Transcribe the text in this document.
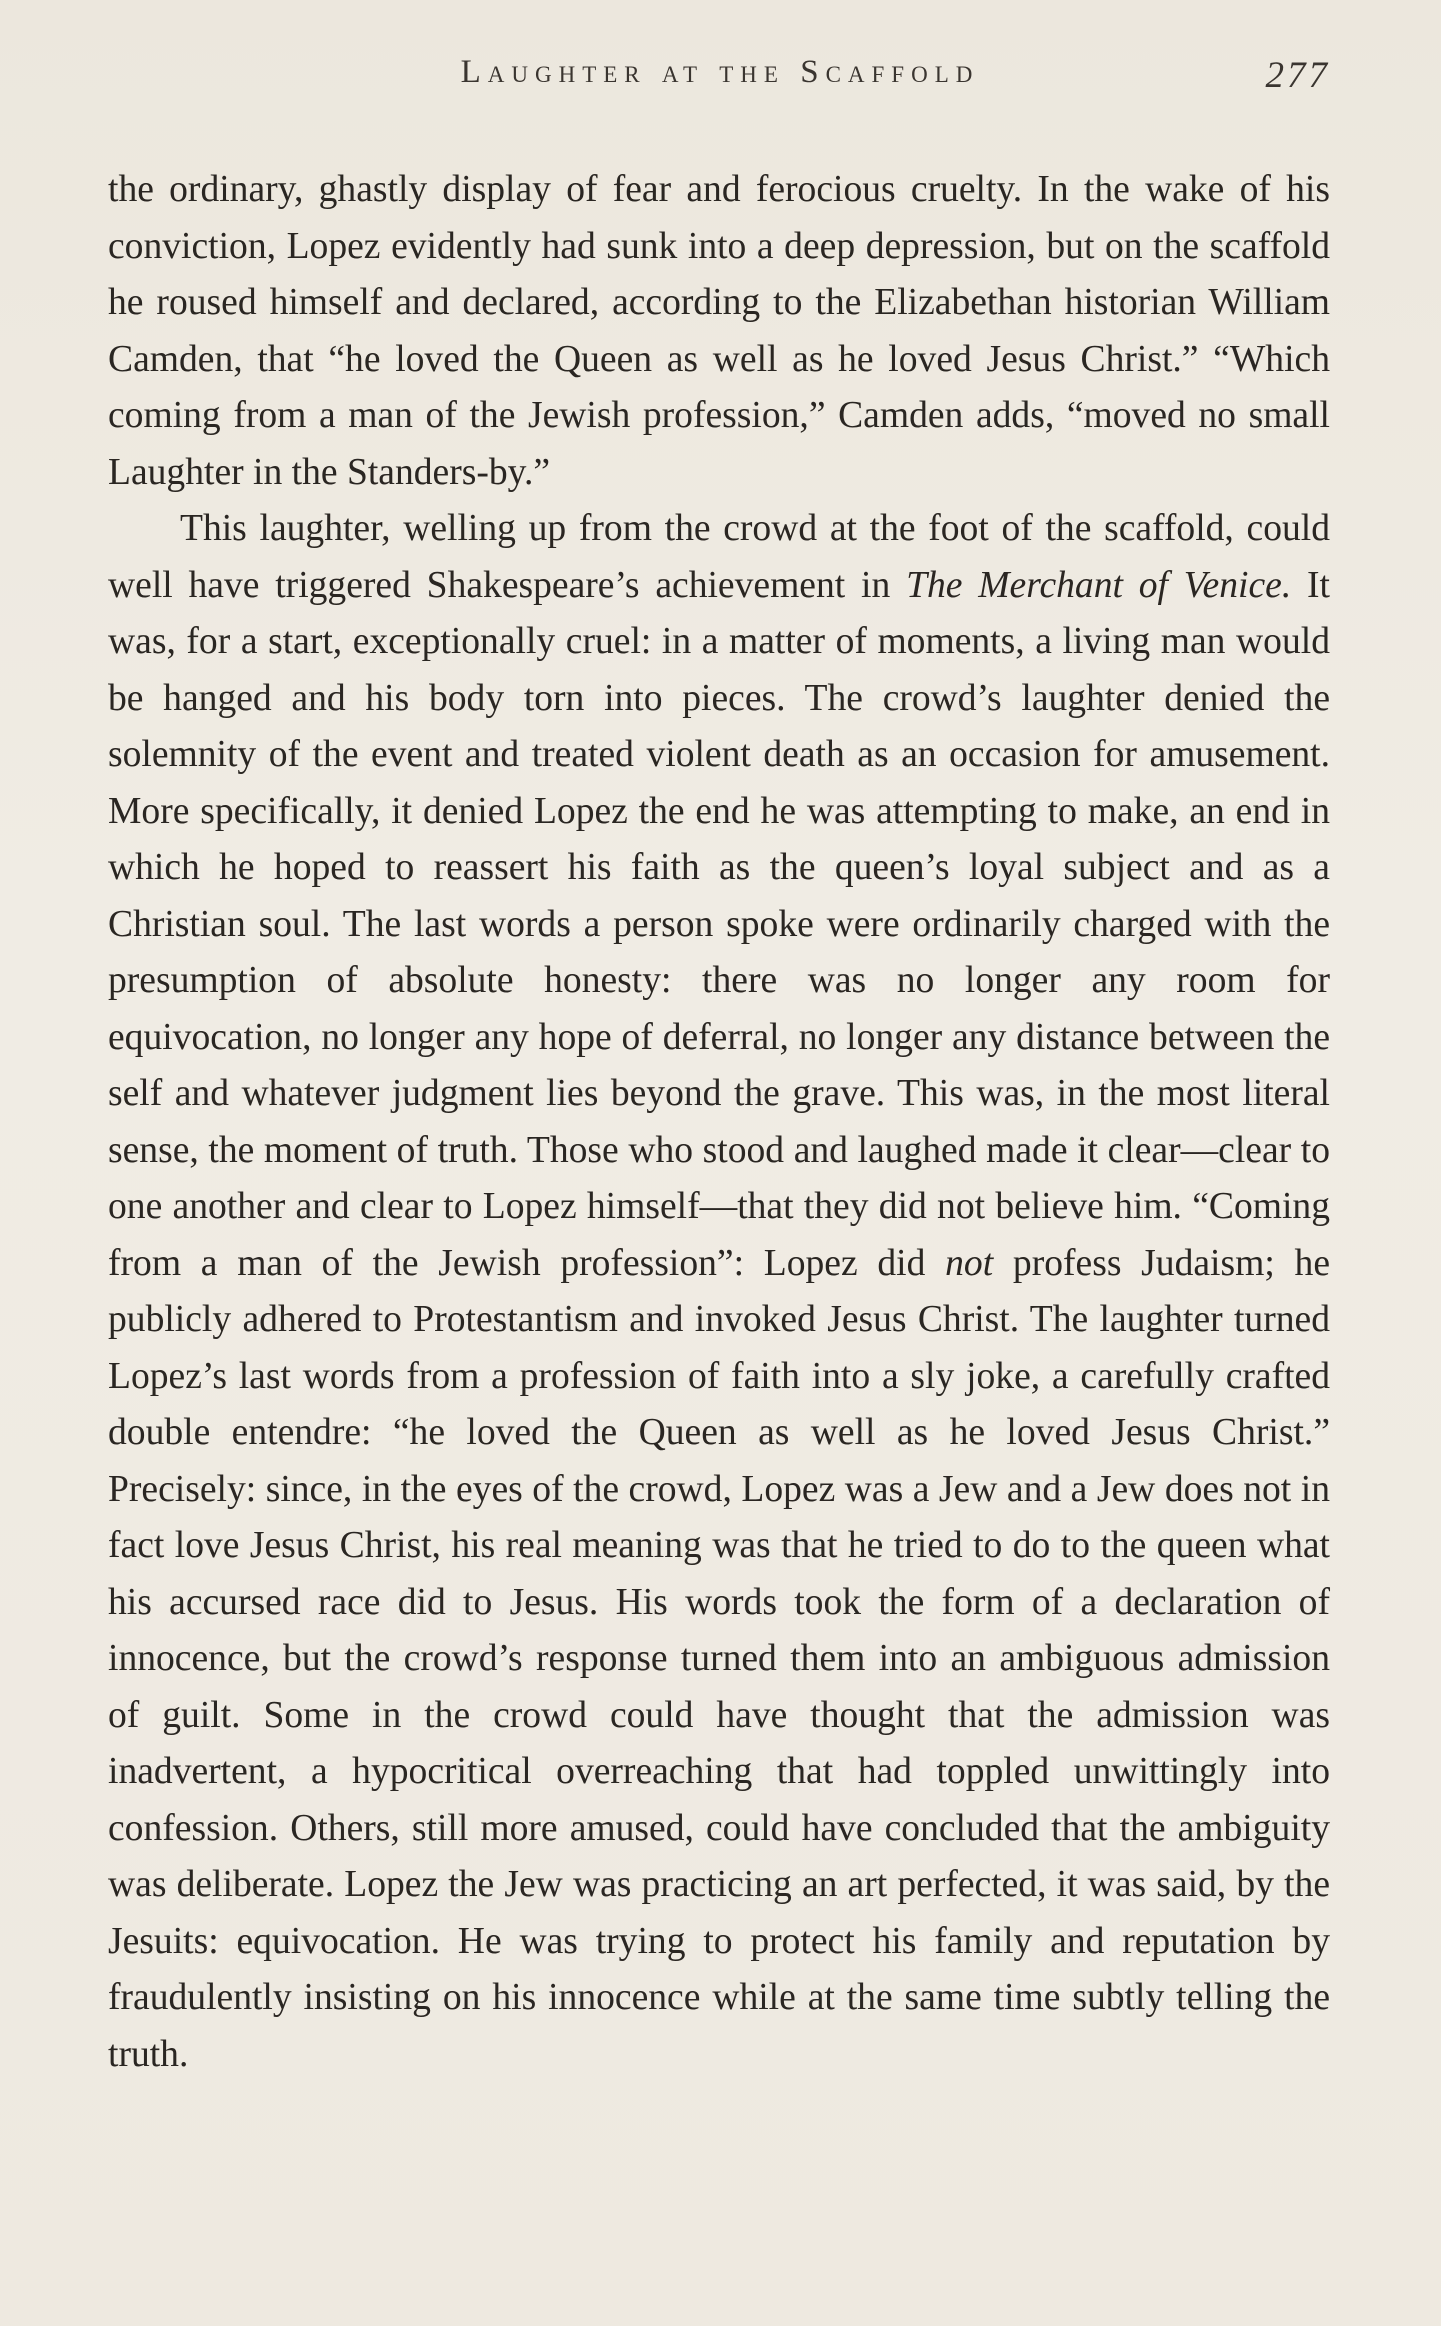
Laughter at the Scaffold	277

the ordinary, ghastly display of fear and ferocious cruelty. In the wake of his conviction, Lopez evidently had sunk into a deep depression, but on the scaffold he roused himself and declared, according to the Elizabethan historian William Camden, that “he loved the Queen as well as he loved Jesus Christ.” “Which coming from a man of the Jewish profession,” Camden adds, “moved no small Laughter in the Standers-by.”

This laughter, welling up from the crowd at the foot of the scaffold, could well have triggered Shakespeare’s achievement in The Merchant of Venice. It was, for a start, exceptionally cruel: in a matter of moments, a living man would be hanged and his body torn into pieces. The crowd’s laughter denied the solemnity of the event and treated violent death as an occasion for amusement. More specifically, it denied Lopez the end he was attempting to make, an end in which he hoped to reassert his faith as the queen’s loyal subject and as a Christian soul. The last words a person spoke were ordinarily charged with the presumption of absolute honesty: there was no longer any room for equivocation, no longer any hope of deferral, no longer any distance between the self and whatever judgment lies beyond the grave. This was, in the most literal sense, the moment of truth. Those who stood and laughed made it clear—clear to one another and clear to Lopez himself—that they did not believe him. “Coming from a man of the Jewish profession”: Lopez did not profess Judaism; he publicly adhered to Protestantism and invoked Jesus Christ. The laughter turned Lopez’s last words from a profession of faith into a sly joke, a carefully crafted double entendre: “he loved the Queen as well as he loved Jesus Christ.” Precisely: since, in the eyes of the crowd, Lopez was a Jew and a Jew does not in fact love Jesus Christ, his real meaning was that he tried to do to the queen what his accursed race did to Jesus. His words took the form of a declaration of innocence, but the crowd’s response turned them into an ambiguous admission of guilt. Some in the crowd could have thought that the admission was inadvertent, a hypocritical overreaching that had toppled unwittingly into confession. Others, still more amused, could have concluded that the ambiguity was deliberate. Lopez the Jew was practicing an art perfected, it was said, by the Jesuits: equivocation. He was trying to protect his family and reputation by fraudulently insisting on his innocence while at the same time subtly telling the truth.
